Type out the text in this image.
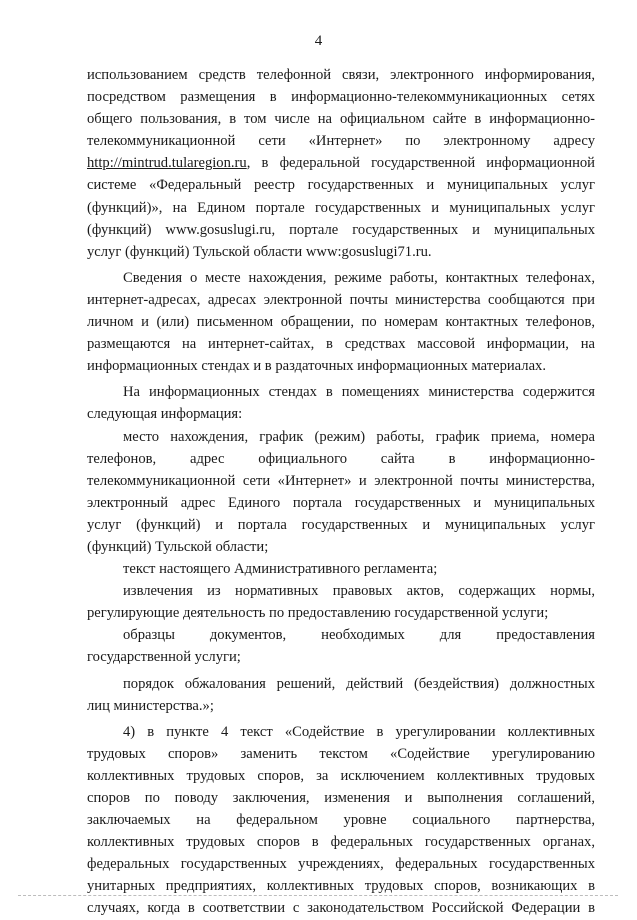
4
использованием средств телефонной связи, электронного информирования,
посредством размещения в информационно-телекоммуникационных сетях
общего пользования, в том числе на официальном сайте в информационно-
телекоммуникационной сети «Интернет» по электронному адресу
http://mintrud.tularegion.ru, в федеральной государственной информационной
системе «Федеральный реестр государственных и муниципальных услуг
(функций)», на Едином портале государственных и муниципальных услуг
(функций) www.gosuslugi.ru, портале государственных и муниципальных
услуг (функций) Тульской области www:gosuslugi71.ru.
Сведения о месте нахождения, режиме работы, контактных телефонах,
интернет-адресах, адресах электронной почты министерства сообщаются при
личном и (или) письменном обращении, по номерам контактных телефонов,
размещаются на интернет-сайтах, в средствах массовой информации, на
информационных стендах и в раздаточных информационных материалах.
На информационных стендах в помещениях министерства содержится
следующая информация:
место нахождения, график (режим) работы, график приема, номера
телефонов, адрес официального сайта в информационно-
телекоммуникационной сети «Интернет» и электронной почты министерства,
электронный адрес Единого портала государственных и муниципальных
услуг (функций) и портала государственных и муниципальных услуг
(функций) Тульской области;
текст настоящего Административного регламента;
извлечения из нормативных правовых актов, содержащих нормы,
регулирующие деятельность по предоставлению государственной услуги;
образцы документов, необходимых для предоставления
государственной услуги;
порядок обжалования решений, действий (бездействия) должностных
лиц министерства.»;
4) в пункте 4 текст «Содействие в урегулировании коллективных
трудовых споров» заменить текстом «Содействие урегулированию
коллективных трудовых споров, за исключением коллективных трудовых
споров по поводу заключения, изменения и выполнения соглашений,
заключаемых на федеральном уровне социального партнерства,
коллективных трудовых споров в федеральных государственных органах,
федеральных государственных учреждениях, федеральных государственных
унитарных предприятиях, коллективных трудовых споров, возникающих в
случаях, когда в соответствии с законодательством Российской Федерации в
